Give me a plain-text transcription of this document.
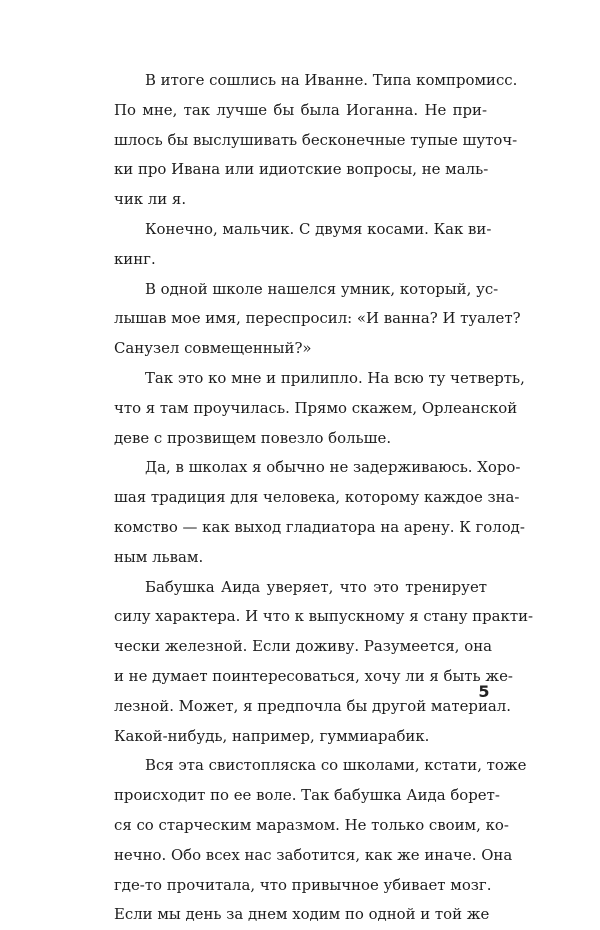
В итоге сошлись на Иванне. Типа компромисс.
По мне, так лучше бы была Иоганна. Не при-
шлось бы выслушивать бесконечные тупые шуточ-
ки про Ивана или идиотские вопросы, не маль-
чик ли я.
Конечно, мальчик. С двумя косами. Как ви-
кинг.
В одной школе нашелся умник, который, ус-
лышав мое имя, переспросил: «И ванна? И туалет?
Санузел совмещенный?»
Так это ко мне и прилипло. На всю ту четверть,
что я там проучилась. Прямо скажем, Орлеанской
деве с прозвищем повезло больше.
Да, в школах я обычно не задерживаюсь. Хоро-
шая традиция для человека, которому каждое зна-
комство — как выход гладиатора на арену. К голод-
ным львам.
Бабушка Аида уверяет, что это тренирует
силу характера. И что к выпускному я стану практи-
чески железной. Если доживу. Разумеется, она
и не думает поинтересоваться, хочу ли я быть же-
лезной. Может, я предпочла бы другой материал.
Какой-нибудь, например, гуммиарабик.
Вся эта свистопляска со школами, кстати, тоже
происходит по ее воле. Так бабушка Аида борет-
ся со старческим маразмом. Не только своим, ко-
нечно. Обо всех нас заботится, как же иначе. Она
где-то прочитала, что привычное убивает мозг.
Если мы день за днем ходим по одной и той же
5
